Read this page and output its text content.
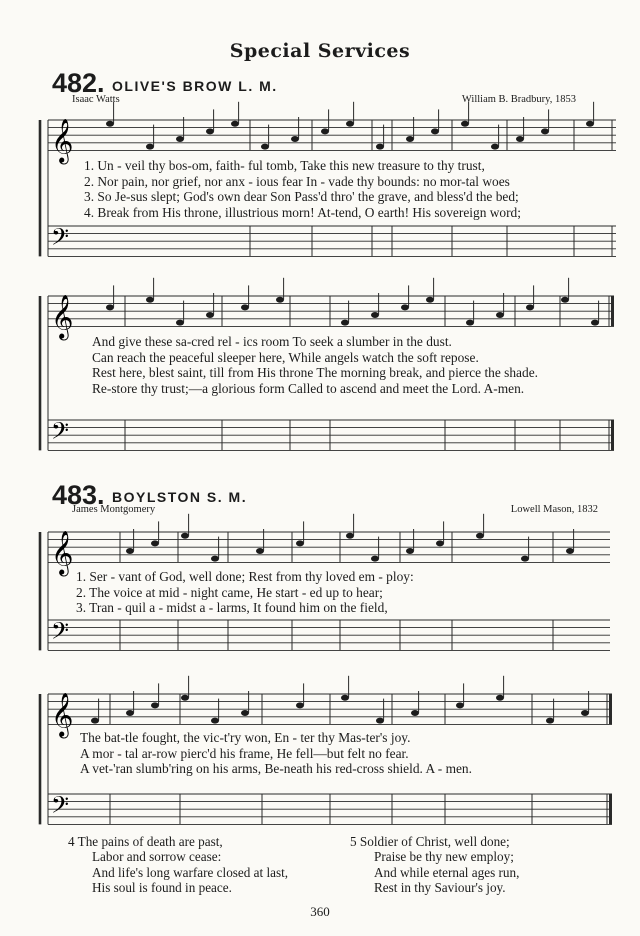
Special Services
482. OLIVE'S BROW L. M.
Isaac Watts	William B. Bradbury, 1853
1. Un - veil thy bos-om, faith- ful tomb, Take this new treasure to thy trust,
2. Nor pain, nor grief, nor anx - ious fear In - vade thy bounds: no mor-tal woes
3. So Je-sus slept; God's own dear Son Pass'd thro' the grave, and bless'd the bed;
4. Break from His throne, illustrious morn! At-tend, O earth! His sovereign word;
And give these sa-cred rel - ics room To seek a slumber in the dust.
Can reach the peaceful sleeper here, While angels watch the soft repose.
Rest here, blest saint, till from His throne The morning break, and pierce the shade.
Re-store thy trust;—a glorious form Called to ascend and meet the Lord. A-men.
483. BOYLSTON S. M.
James Montgomery	Lowell Mason, 1832
1. Ser - vant of God, well done; Rest from thy loved em - ploy:
2. The voice at mid - night came, He start - ed up to hear;
3. Tran - quil a - midst a - larms, It found him on the field,
The bat-tle fought, the vic-t'ry won, En - ter thy Mas-ter's joy.
A mor - tal ar-row pierc'd his frame, He fell—but felt no fear.
A vet-'ran slumb'ring on his arms, Be-neath his red-cross shield. A - men.
4 The pains of death are past,
Labor and sorrow cease:
And life's long warfare closed at last,
His soul is found in peace.
5 Soldier of Christ, well done;
Praise be thy new employ;
And while eternal ages run,
Rest in thy Saviour's joy.
360
𝄞
𝄢
𝄞
𝄢
𝄞
𝄢
𝄞
𝄢
